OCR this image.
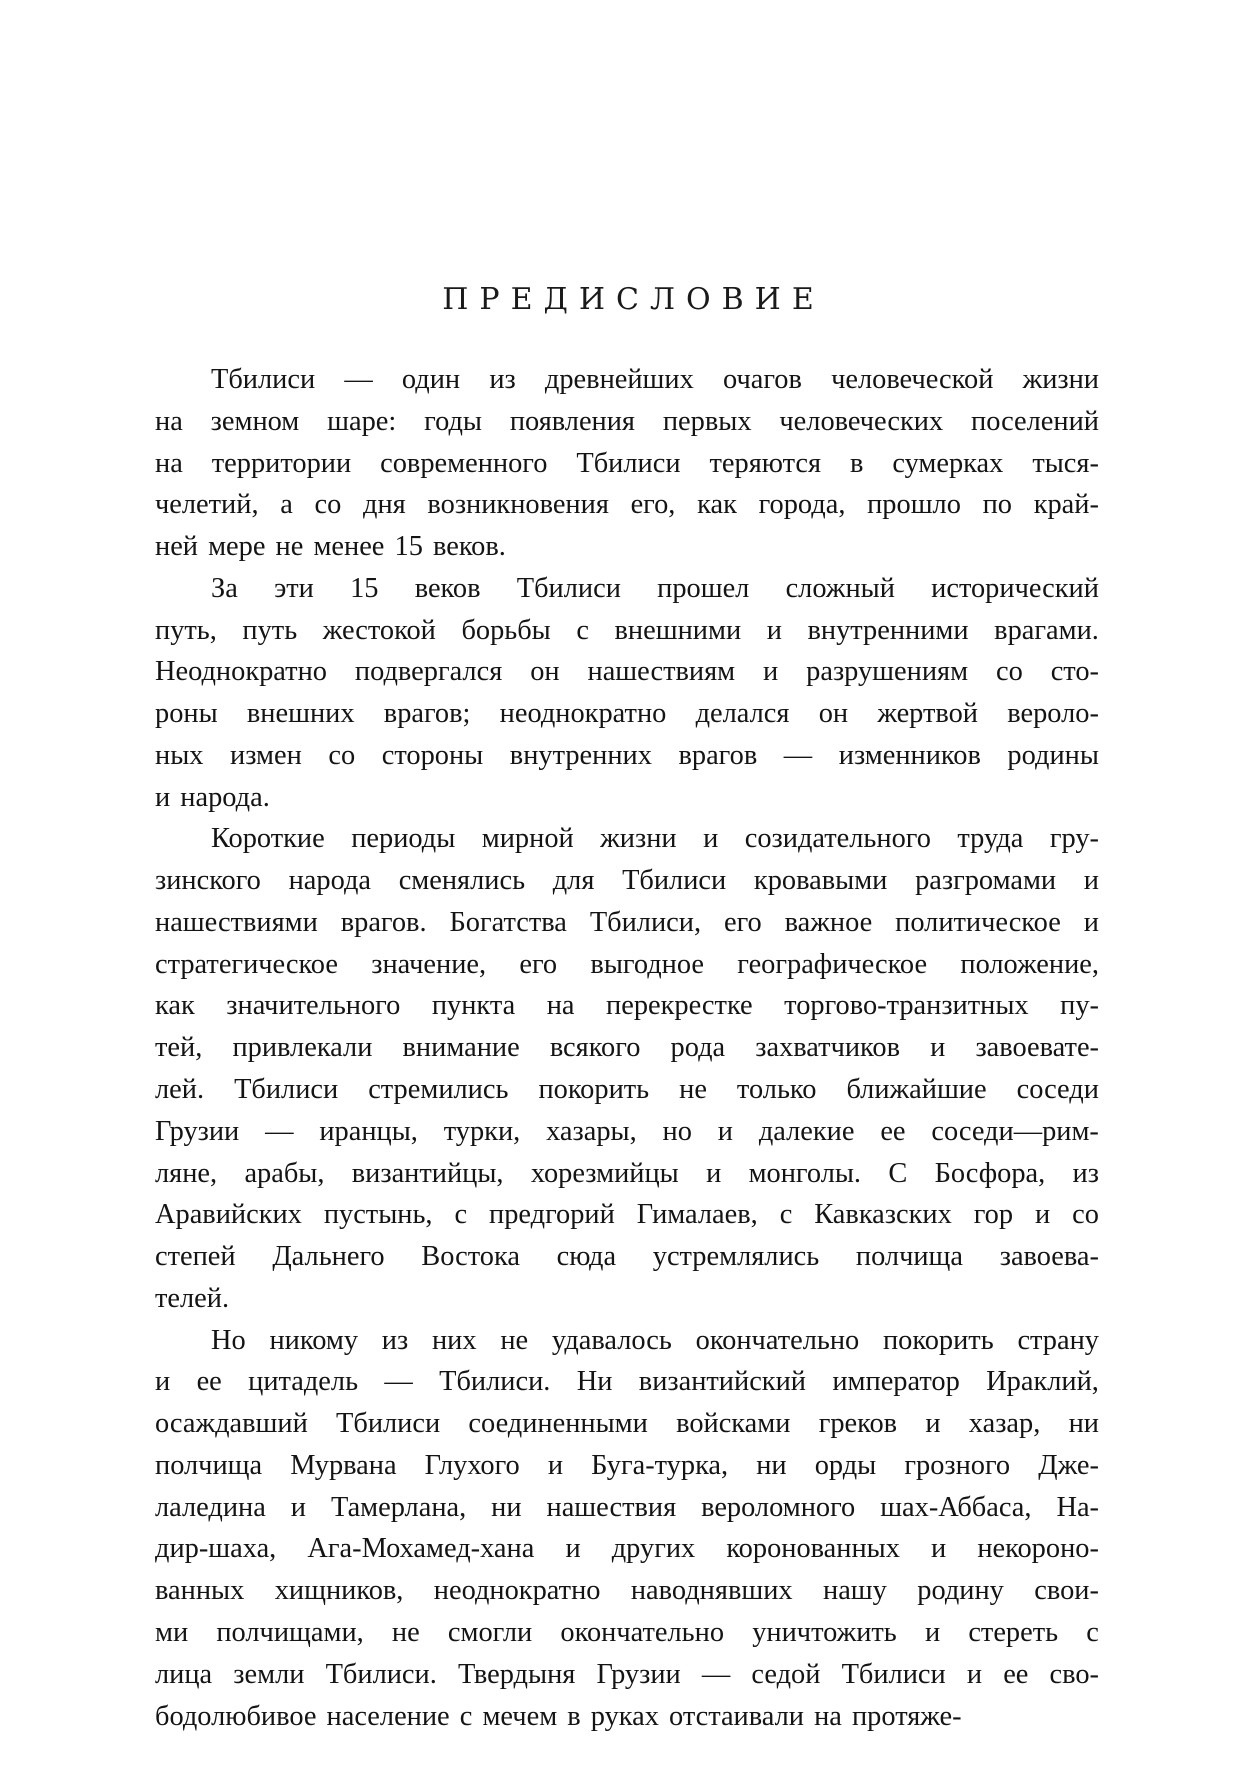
ПРЕДИСЛОВИЕ
Тбилиси — один из древнейших очагов человеческой жизни
на земном шаре: годы появления первых человеческих поселений
на территории современного Тбилиси теряются в сумерках тыся-
челетий, а со дня возникновения его, как города, прошло по край-
ней мере не менее 15 веков.
За эти 15 веков Тбилиси прошел сложный исторический
путь, путь жестокой борьбы с внешними и внутренними врагами.
Неоднократно подвергался он нашествиям и разрушениям со сто-
роны внешних врагов; неоднократно делался он жертвой вероло-
ных измен со стороны внутренних врагов — изменников родины
и народа.
Короткие периоды мирной жизни и созидательного труда гру-
зинского народа сменялись для Тбилиси кровавыми разгромами и
нашествиями врагов. Богатства Тбилиси, его важное политическое и
стратегическое значение, его выгодное географическое положение,
как значительного пункта на перекрестке торгово-транзитных пу-
тей, привлекали внимание всякого рода захватчиков и завоевате-
лей. Тбилиси стремились покорить не только ближайшие соседи
Грузии — иранцы, турки, хазары, но и далекие ее соседи—рим-
ляне, арабы, византийцы, хорезмийцы и монголы. С Босфора, из
Аравийских пустынь, с предгорий Гималаев, с Кавказских гор и со
степей Дальнего Востока сюда устремлялись полчища завоева-
телей.
Но никому из них не удавалось окончательно покорить страну
и ее цитадель — Тбилиси. Ни византийский император Ираклий,
осаждавший Тбилиси соединенными войсками греков и хазар, ни
полчища Мурвана Глухого и Буга-турка, ни орды грозного Дже-
лаледина и Тамерлана, ни нашествия вероломного шах-Аббаса, На-
дир-шаха, Ага-Мохамед-хана и других коронованных и некороно-
ванных хищников, неоднократно наводнявших нашу родину свои-
ми полчищами, не смогли окончательно уничтожить и стереть с
лица земли Тбилиси. Твердыня Грузии — седой Тбилиси и ее сво-
бодолюбивое население с мечем в руках отстаивали на протяже-
